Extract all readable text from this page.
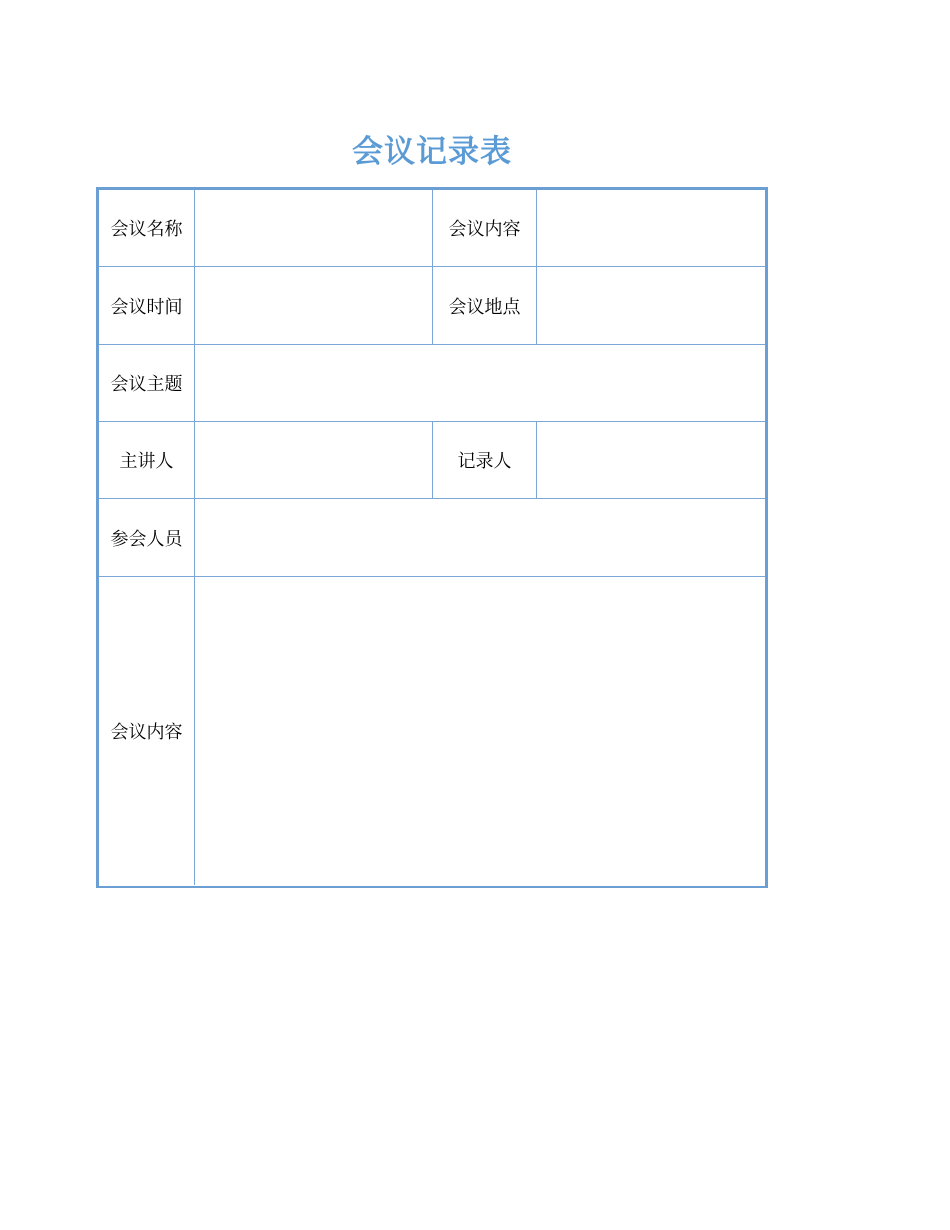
会议记录表
会议名称	会议内容
会议时间	会议地点
会议主题
主讲人	记录人
参会人员
会议内容
